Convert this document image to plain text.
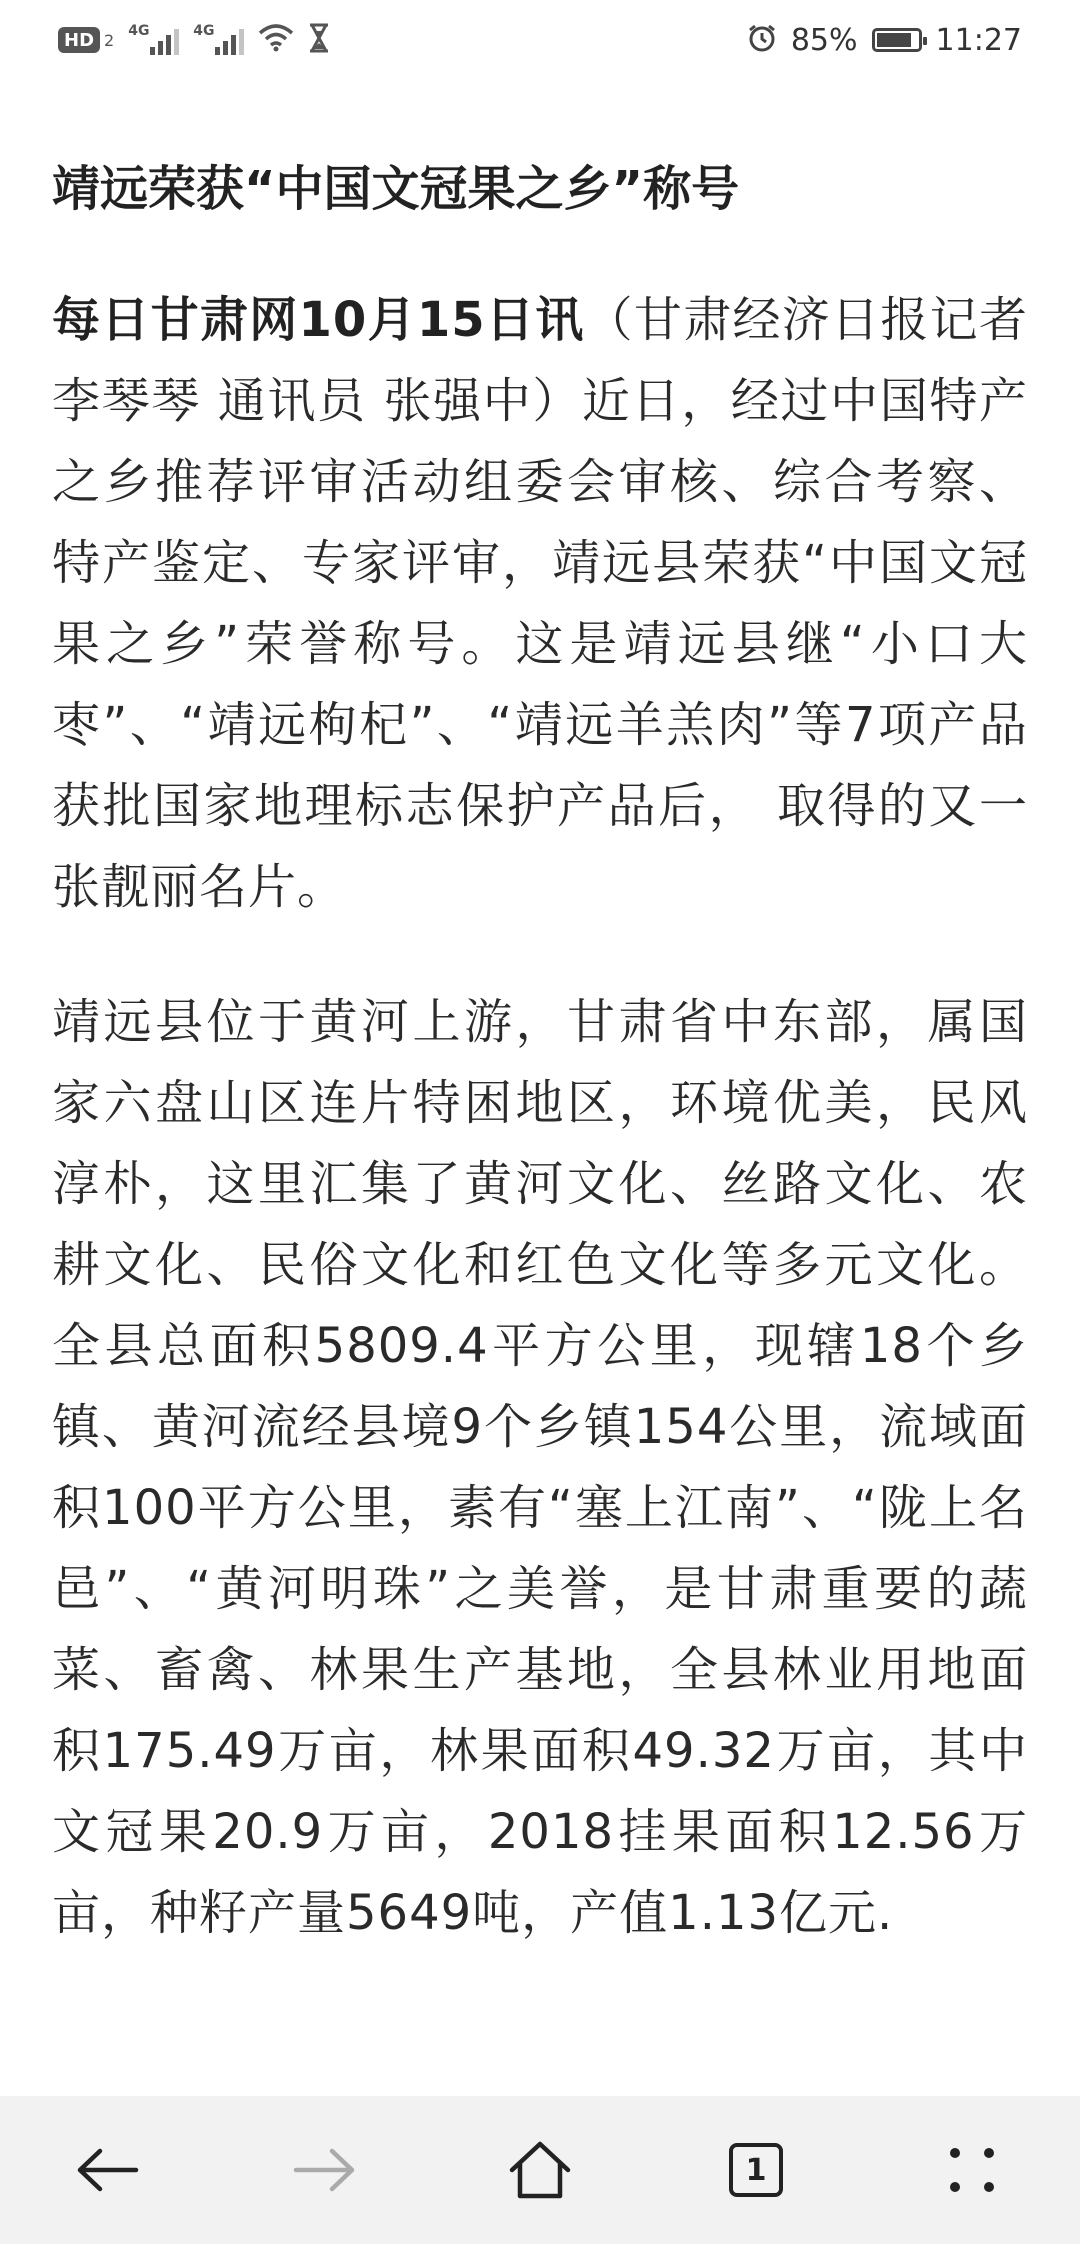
HD 2 4G	4G	85%	11:27
靖远荣获“中国文冠果之乡”称号

每日甘肃网10月15日讯（甘肃经济日报记者 李琴琴 通讯员 张强中）近日，经过中国特产之乡推荐评审活动组委会审核、综合考察、特产鉴定、专家评审，靖远县荣获“中国文冠果之乡”荣誉称号。这是靖远县继“小口大枣”、“靖远枸杞”、“靖远羊羔肉”等7项产品获批国家地理标志保护产品后， 取得的又一张靓丽名片。

靖远县位于黄河上游，甘肃省中东部，属国家六盘山区连片特困地区，环境优美，民风淳朴，这里汇集了黄河文化、丝路文化、农耕文化、民俗文化和红色文化等多元文化。全县总面积5809.4平方公里，现辖18个乡镇、黄河流经县境9个乡镇154公里，流域面积100平方公里，素有“塞上江南”、“陇上名邑”、“黄河明珠”之美誉，是甘肃重要的蔬菜、畜禽、林果生产基地，全县林业用地面积175.49万亩，林果面积49.32万亩，其中文冠果20.9万亩，2018挂果面积12.56万亩，种籽产量5649吨，产值1.13亿元.

1
